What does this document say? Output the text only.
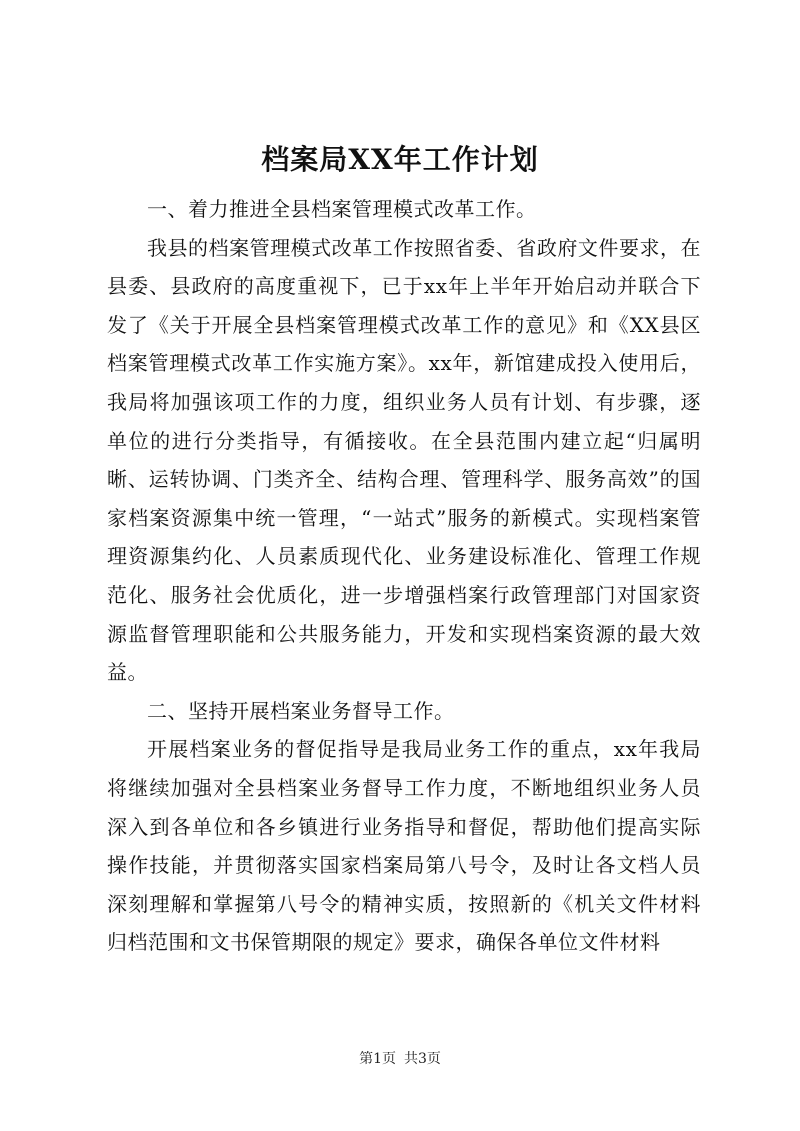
档案局XX年工作计划

一、着力推进全县档案管理模式改革工作。

我县的档案管理模式改革工作按照省委、省政府文件要求，在县委、县政府的高度重视下，已于xx年上半年开始启动并联合下发了《关于开展全县档案管理模式改革工作的意见》和《XX县区档案管理模式改革工作实施方案》。xx年，新馆建成投入使用后，我局将加强该项工作的力度，组织业务人员有计划、有步骤，逐单位的进行分类指导，有循接收。在全县范围内建立起“归属明晰、运转协调、门类齐全、结构合理、管理科学、服务高效”的国家档案资源集中统一管理，“一站式”服务的新模式。实现档案管理资源集约化、人员素质现代化、业务建设标准化、管理工作规范化、服务社会优质化，进一步增强档案行政管理部门对国家资源监督管理职能和公共服务能力，开发和实现档案资源的最大效益。

二、坚持开展档案业务督导工作。

开展档案业务的督促指导是我局业务工作的重点，xx年我局将继续加强对全县档案业务督导工作力度，不断地组织业务人员深入到各单位和各乡镇进行业务指导和督促，帮助他们提高实际操作技能，并贯彻落实国家档案局第八号令，及时让各文档人员深刻理解和掌握第八号令的精神实质，按照新的《机关文件材料归档范围和文书保管期限的规定》要求，确保各单位文件材料

第1页 共3页
